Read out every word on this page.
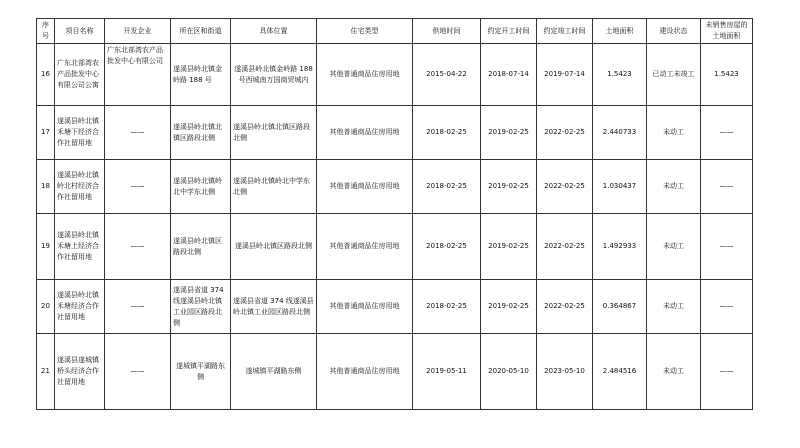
序号	项目名称	开发企业	所在区和街道	具体位置	住宅类型	供地时间	约定开工时间	约定竣工时间	土地面积	建设状态	未销售房屋的土地面积
16	广东北部湾农产品批发中心有限公司公寓	广东北部湾农产品批发中心有限公司	遂溪县岭北镇金岭路 188 号	遂溪县岭北镇金岭路 188 号西城南万国商贸城内	其他普通商品住房用地	2015-04-22	2018-07-14	2019-07-14	1.5423	已动工未竣工	1.5423
17	遂溪县岭北镇禾塘下经济合作社留用地	——	遂溪县岭北镇北镇区路段北侧	遂溪县岭北镇北镇区路段北侧	其他普通商品住房用地	2018-02-25	2019-02-25	2022-02-25	2.440733	未动工	——
18	遂溪县岭北镇岭北村经济合作社留用地	——	遂溪县岭北镇岭北中学东北侧	遂溪县岭北镇岭北中学东北侧	其他普通商品住房用地	2018-02-25	2019-02-25	2022-02-25	1.030437	未动工	——
19	遂溪县岭北镇禾塘上经济合作社留用地	——	遂溪县岭北镇区路段北侧	遂溪县岭北镇区路段北侧	其他普通商品住房用地	2018-02-25	2019-02-25	2022-02-25	1.492933	未动工	——
20	遂溪县岭北镇禾塘经济合作社留用地	——	遂溪县省道 374 线遂溪县岭北镇工业园区路段北侧	遂溪县省道 374 线遂溪县岭北镇工业园区路段北侧	其他普通商品住房用地	2018-02-25	2019-02-25	2022-02-25	0.364867	未动工	——
21	遂溪县遂城镇桥头经济合作社留用地	——	遂城镇平湖路东侧	遂城镇平湖路东侧	其他普通商品住房用地	2019-05-11	2020-05-10	2023-05-10	2.484516	未动工	——
